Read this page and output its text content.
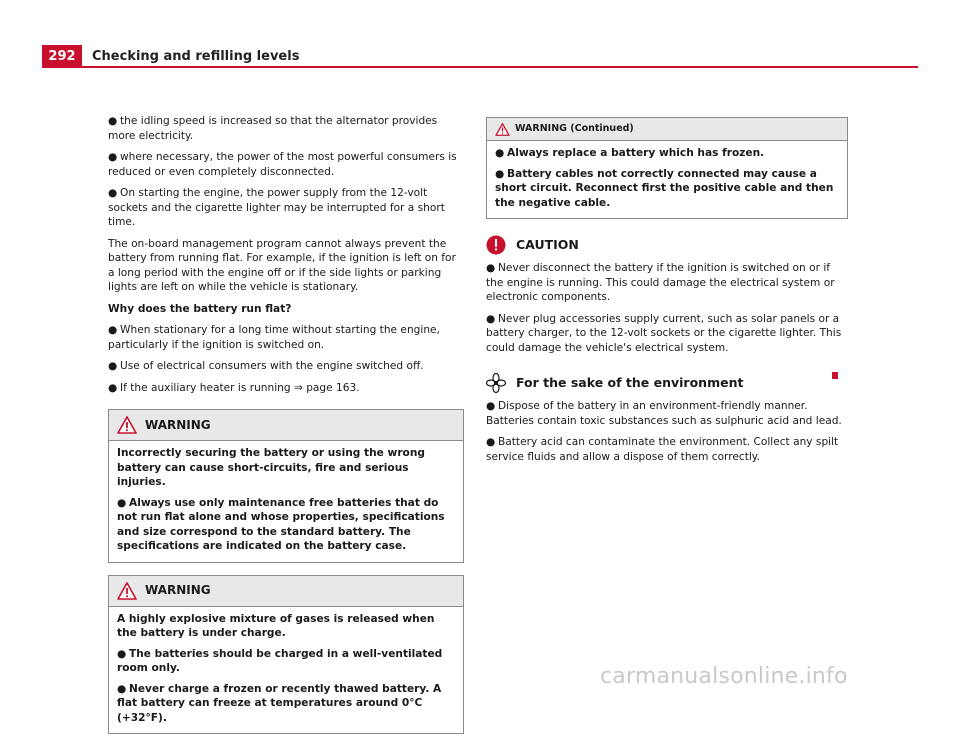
292	Checking and refilling levels
● the idling speed is increased so that the alternator provides more electricity.
● where necessary, the power of the most powerful consumers is reduced or even completely disconnected.
● On starting the engine, the power supply from the 12-volt sockets and the cigarette lighter may be interrupted for a short time.

The on-board management program cannot always prevent the battery from running flat. For example, if the ignition is left on for a long period with the engine off or if the side lights or parking lights are left on while the vehicle is stationary.

Why does the battery run flat?
● When stationary for a long time without starting the engine, particularly if the ignition is switched on.
● Use of electrical consumers with the engine switched off.
● If the auxiliary heater is running ⇒ page 163.
WARNING

Incorrectly securing the battery or using the wrong battery can cause short-circuits, fire and serious injuries.

● Always use only maintenance free batteries that do not run flat alone and whose properties, specifications and size correspond to the standard battery. The specifications are indicated on the battery case.
WARNING

A highly explosive mixture of gases is released when the battery is under charge.

● The batteries should be charged in a well-ventilated room only.
● Never charge a frozen or recently thawed battery. A flat battery can freeze at temperatures around 0°C (+32°F).
WARNING (Continued)
● Always replace a battery which has frozen.
● Battery cables not correctly connected may cause a short circuit. Reconnect first the positive cable and then the negative cable.
CAUTION
● Never disconnect the battery if the ignition is switched on or if the engine is running. This could damage the electrical system or electronic components.
● Never plug accessories supply current, such as solar panels or a battery charger, to the 12-volt sockets or the cigarette lighter. This could damage the vehicle's electrical system.
For the sake of the environment
● Dispose of the battery in an environment-friendly manner. Batteries contain toxic substances such as sulphuric acid and lead.
● Battery acid can contaminate the environment. Collect any spilt service fluids and allow a dispose of them correctly.
carmanualsonline.info
